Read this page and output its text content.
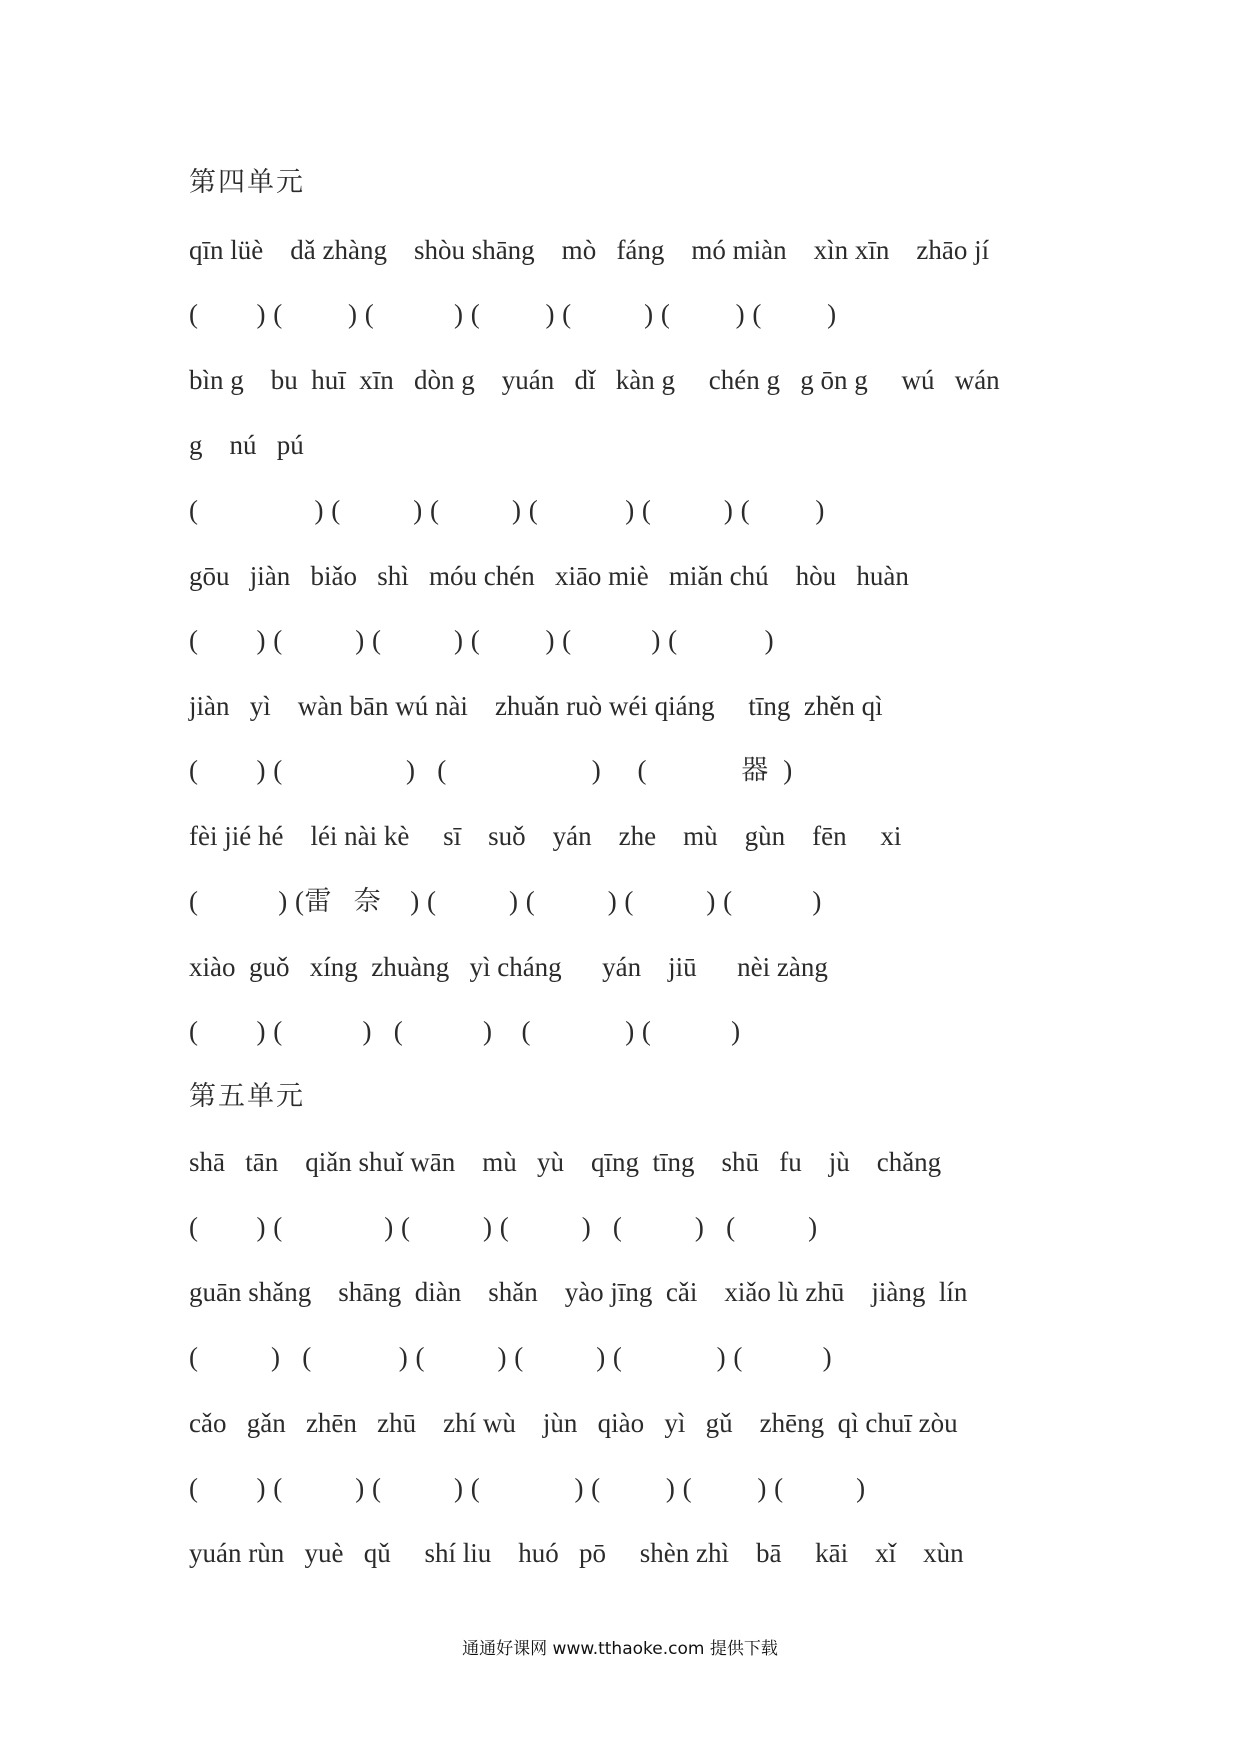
第四单元
qīn lüè    dǎ zhàng    shòu shāng    mò   fáng    mó miàn    xìn xīn    zhāo jí
(        ) (         ) (           ) (         ) (          ) (         ) (         )
bìn g    bu  huī  xīn   dòn g    yuán   dǐ   kàn g     chén g   g ōn g     wú   wán
g    nú   pú
(                ) (          ) (          ) (            ) (          ) (         )
gōu   jiàn   biǎo   shì   móu chén   xiāo miè   miǎn chú    hòu   huàn
(        ) (          ) (          ) (         ) (           ) (            )
jiàn   yì    wàn bān wú nài    zhuǎn ruò wéi qiáng     tīng  zhěn qì
(        ) (                 )   (                    )     (             器  )
fèi jié hé    léi nài kè     sī    suǒ    yán    zhe    mù    gùn    fēn     xi
(           ) (雷   奈    ) (          ) (          ) (          ) (           )
xiào  guǒ   xíng  zhuàng   yì cháng      yán    jiū      nèi zàng
(        ) (           )   (           )    (             ) (           )
第五单元
shā   tān    qiǎn shuǐ wān    mù   yù    qīng  tīng    shū   fu    jù    chǎng
(        ) (              ) (          ) (          )   (          )   (          )
guān shǎng    shāng  diàn    shǎn    yào jīng  cǎi    xiǎo lù zhū    jiàng  lín
(          )   (            ) (          ) (          ) (             ) (           )
cǎo   gǎn   zhēn   zhū    zhí wù    jùn   qiào   yì   gǔ    zhēng  qì chuī zòu
(        ) (          ) (          ) (             ) (         ) (         ) (          )
yuán rùn   yuè   qǔ     shí liu    huó   pō     shèn zhì    bā     kāi    xǐ    xùn
通通好课网 www.tthaoke.com 提供下载
